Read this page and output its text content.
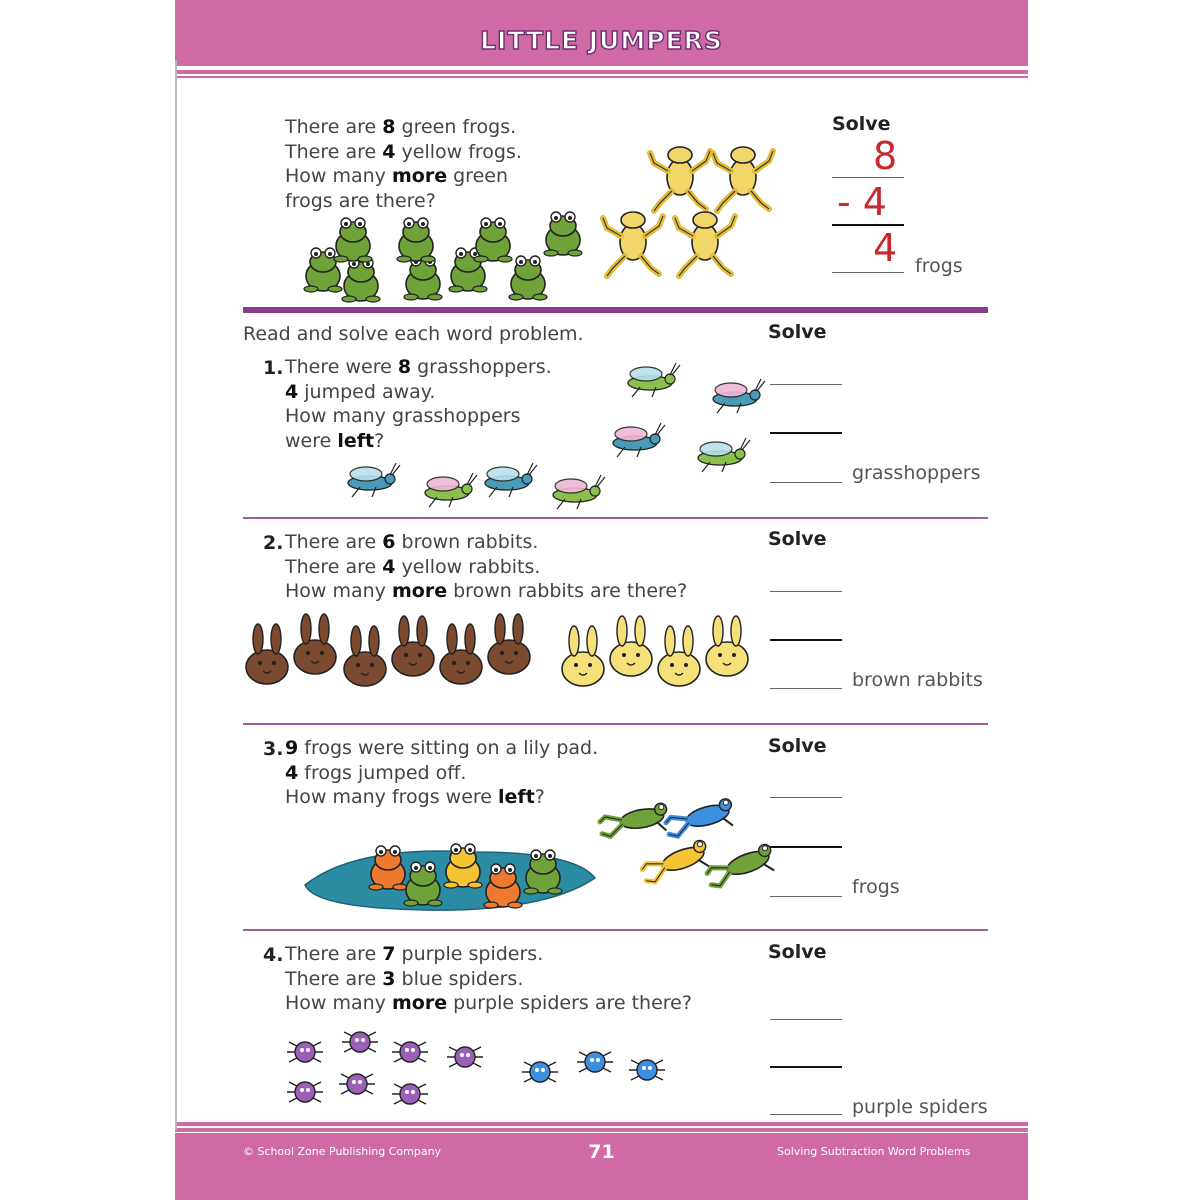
LITTLE JUMPERS
There are 8 green frogs.
There are 4 yellow frogs.
How many more green
frogs are there?
Solve
8
- 4
4 frogs
Read and solve each word problem.
1. There were 8 grasshoppers.
4 jumped away.
How many grasshoppers
were left?
Solve
grasshoppers
2. There are 6 brown rabbits.
There are 4 yellow rabbits.
How many more brown rabbits are there?
Solve
brown rabbits
3. 9 frogs were sitting on a lily pad.
4 frogs jumped off.
How many frogs were left?
Solve
frogs
4. There are 7 purple spiders.
There are 3 blue spiders.
How many more purple spiders are there?
Solve
purple spiders
© School Zone Publishing Company	71	Solving Subtraction Word Problems
